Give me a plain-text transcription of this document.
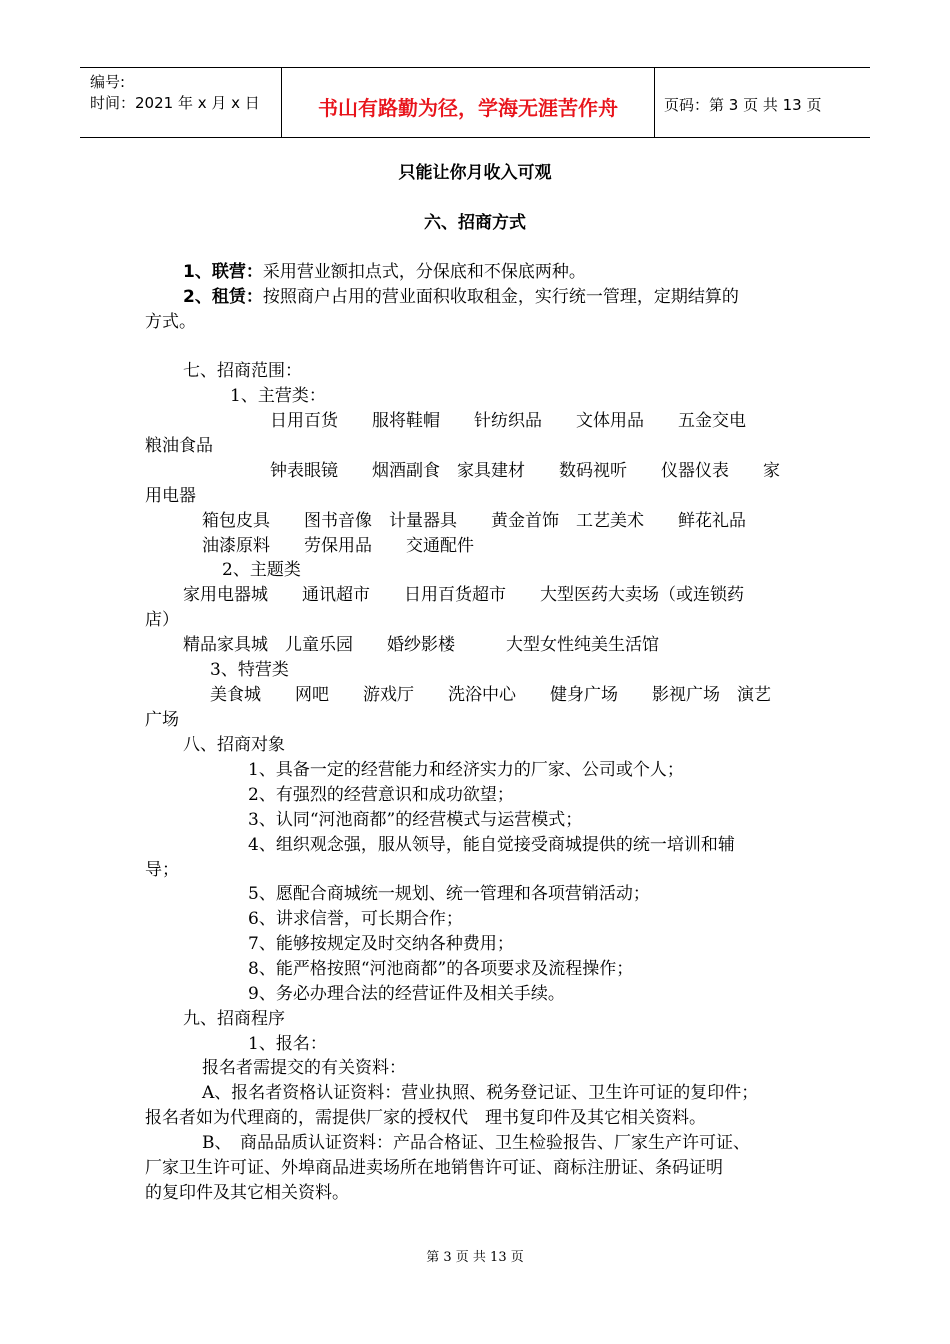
编号:
时间：2021 年 x 月 x 日	书山有路勤为径，学海无涯苦作舟	页码：第 3 页 共 13 页
只能让你月收入可观
六、招商方式
1、联营：采用营业额扣点式，分保底和不保底两种。
2、租赁：按照商户占用的营业面积收取租金，实行统一管理，定期结算的
方式。
七、招商范围：
1、主营类：
日用百货　　服将鞋帽　　针纺织品　　文体用品　　五金交电
粮油食品
钟表眼镜　　烟酒副食　家具建材　　数码视听　　仪器仪表　　家
用电器
箱包皮具　　图书音像　计量器具　　黄金首饰　工艺美术　　鲜花礼品
油漆原料　　劳保用品　　交通配件
2、主题类
家用电器城　　通讯超市　　日用百货超市　　大型医药大卖场（或连锁药
店）
精品家具城　儿童乐园　　婚纱影楼　　　大型女性纯美生活馆
3、特营类
美食城　　网吧　　游戏厅　　洗浴中心　　健身广场　　影视广场　演艺
广场
八、招商对象
1、具备一定的经营能力和经济实力的厂家、公司或个人；
2、有强烈的经营意识和成功欲望；
3、认同“河池商都”的经营模式与运营模式；
4、组织观念强，服从领导，能自觉接受商城提供的统一培训和辅
导；
5、愿配合商城统一规划、统一管理和各项营销活动；
6、讲求信誉，可长期合作；
7、能够按规定及时交纳各种费用；
8、能严格按照“河池商都”的各项要求及流程操作；
9、务必办理合法的经营证件及相关手续。
九、招商程序
1、报名：
报名者需提交的有关资料：
A、报名者资格认证资料：营业执照、税务登记证、卫生许可证的复印件；
报名者如为代理商的，需提供厂家的授权代　理书复印件及其它相关资料。
B、　商品品质认证资料：产品合格证、卫生检验报告、厂家生产许可证、
厂家卫生许可证、外埠商品进卖场所在地销售许可证、商标注册证、条码证明
的复印件及其它相关资料。
第 3 页 共 13 页
